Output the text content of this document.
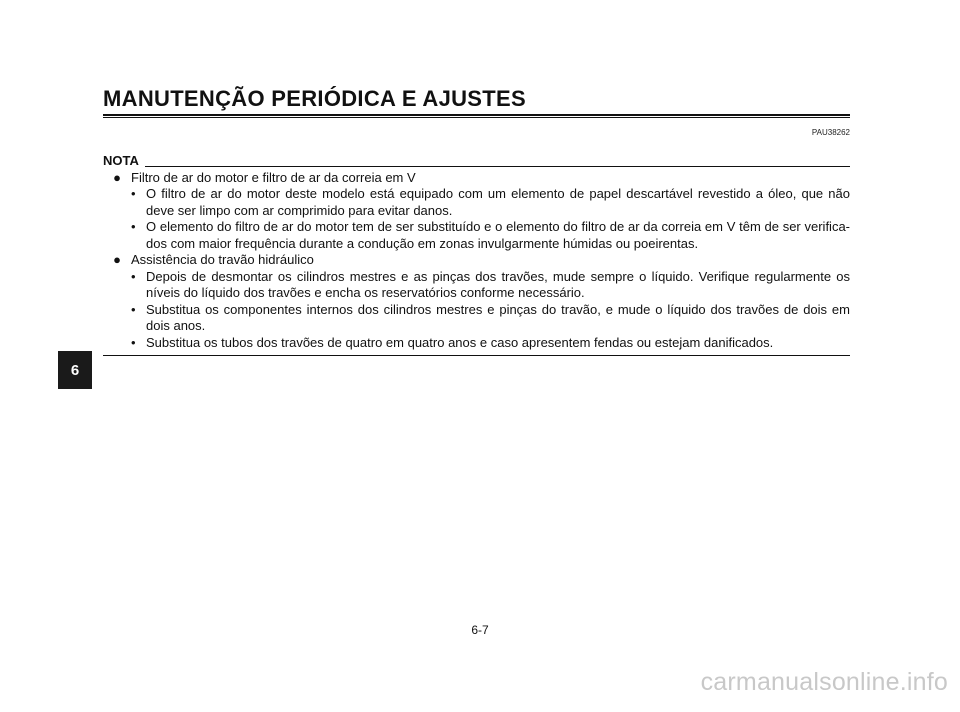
MANUTENÇÃO PERIÓDICA E AJUSTES
PAU38262
NOTA
● Filtro de ar do motor e filtro de ar da correia em V
• O filtro de ar do motor deste modelo está equipado com um elemento de papel descartável revestido a óleo, que não deve ser limpo com ar comprimido para evitar danos.
• O elemento do filtro de ar do motor tem de ser substituído e o elemento do filtro de ar da correia em V têm de ser verifica-dos com maior frequência durante a condução em zonas invulgarmente húmidas ou poeirentas.
● Assistência do travão hidráulico
• Depois de desmontar os cilindros mestres e as pinças dos travões, mude sempre o líquido. Verifique regularmente os níveis do líquido dos travões e encha os reservatórios conforme necessário.
• Substitua os componentes internos dos cilindros mestres e pinças do travão, e mude o líquido dos travões de dois em dois anos.
• Substitua os tubos dos travões de quatro em quatro anos e caso apresentem fendas ou estejam danificados.
6
6-7
carmanualsonline.info
